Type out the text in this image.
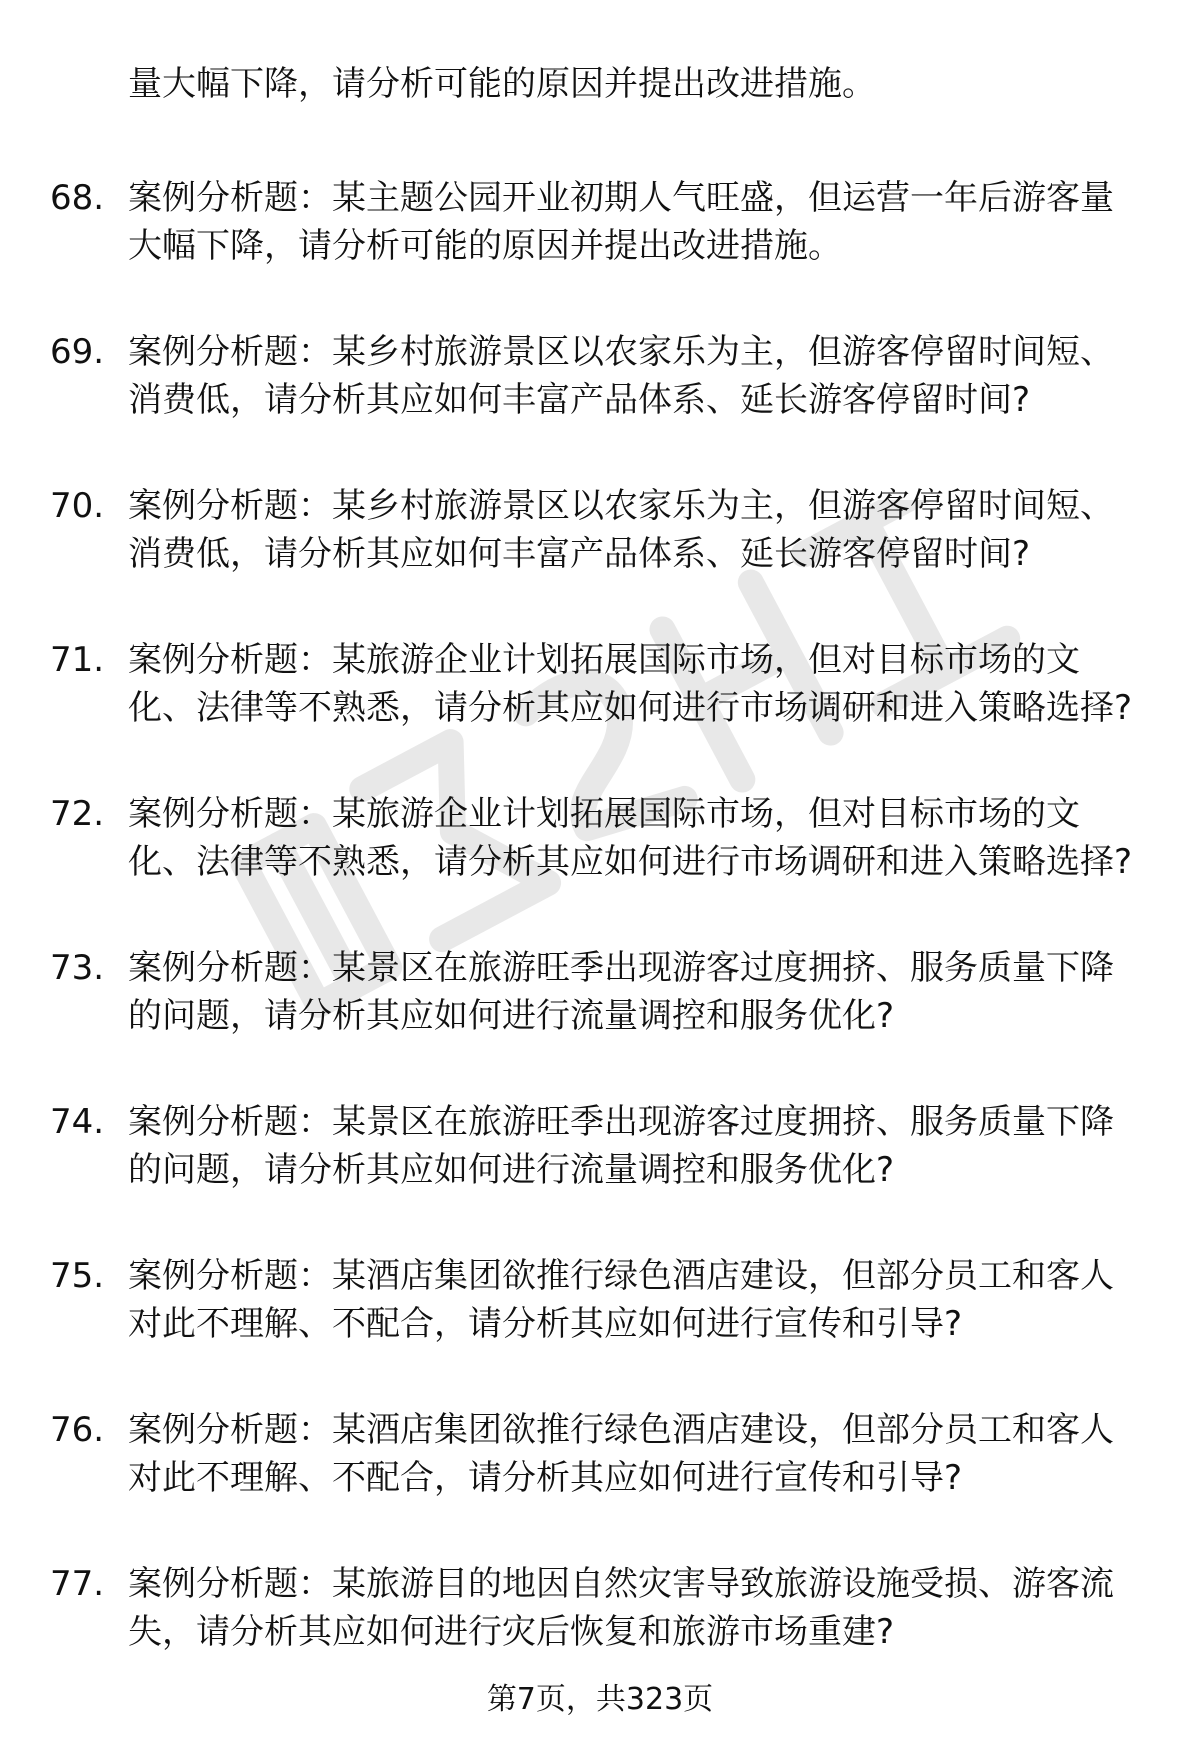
量大幅下降，请分析可能的原因并提出改进措施。
68. 案例分析题：某主题公园开业初期人气旺盛，但运营一年后游客量大幅下降，请分析可能的原因并提出改进措施。
69. 案例分析题：某乡村旅游景区以农家乐为主，但游客停留时间短、消费低，请分析其应如何丰富产品体系、延长游客停留时间?
70. 案例分析题：某乡村旅游景区以农家乐为主，但游客停留时间短、消费低，请分析其应如何丰富产品体系、延长游客停留时间?
71. 案例分析题：某旅游企业计划拓展国际市场，但对目标市场的文化、法律等不熟悉，请分析其应如何进行市场调研和进入策略选择?
72. 案例分析题：某旅游企业计划拓展国际市场，但对目标市场的文化、法律等不熟悉，请分析其应如何进行市场调研和进入策略选择?
73. 案例分析题：某景区在旅游旺季出现游客过度拥挤、服务质量下降的问题，请分析其应如何进行流量调控和服务优化?
74. 案例分析题：某景区在旅游旺季出现游客过度拥挤、服务质量下降的问题，请分析其应如何进行流量调控和服务优化?
75. 案例分析题：某酒店集团欲推行绿色酒店建设，但部分员工和客人对此不理解、不配合，请分析其应如何进行宣传和引导?
76. 案例分析题：某酒店集团欲推行绿色酒店建设，但部分员工和客人对此不理解、不配合，请分析其应如何进行宣传和引导?
77. 案例分析题：某旅游目的地因自然灾害导致旅游设施受损、游客流失，请分析其应如何进行灾后恢复和旅游市场重建?
第7页，共323页
